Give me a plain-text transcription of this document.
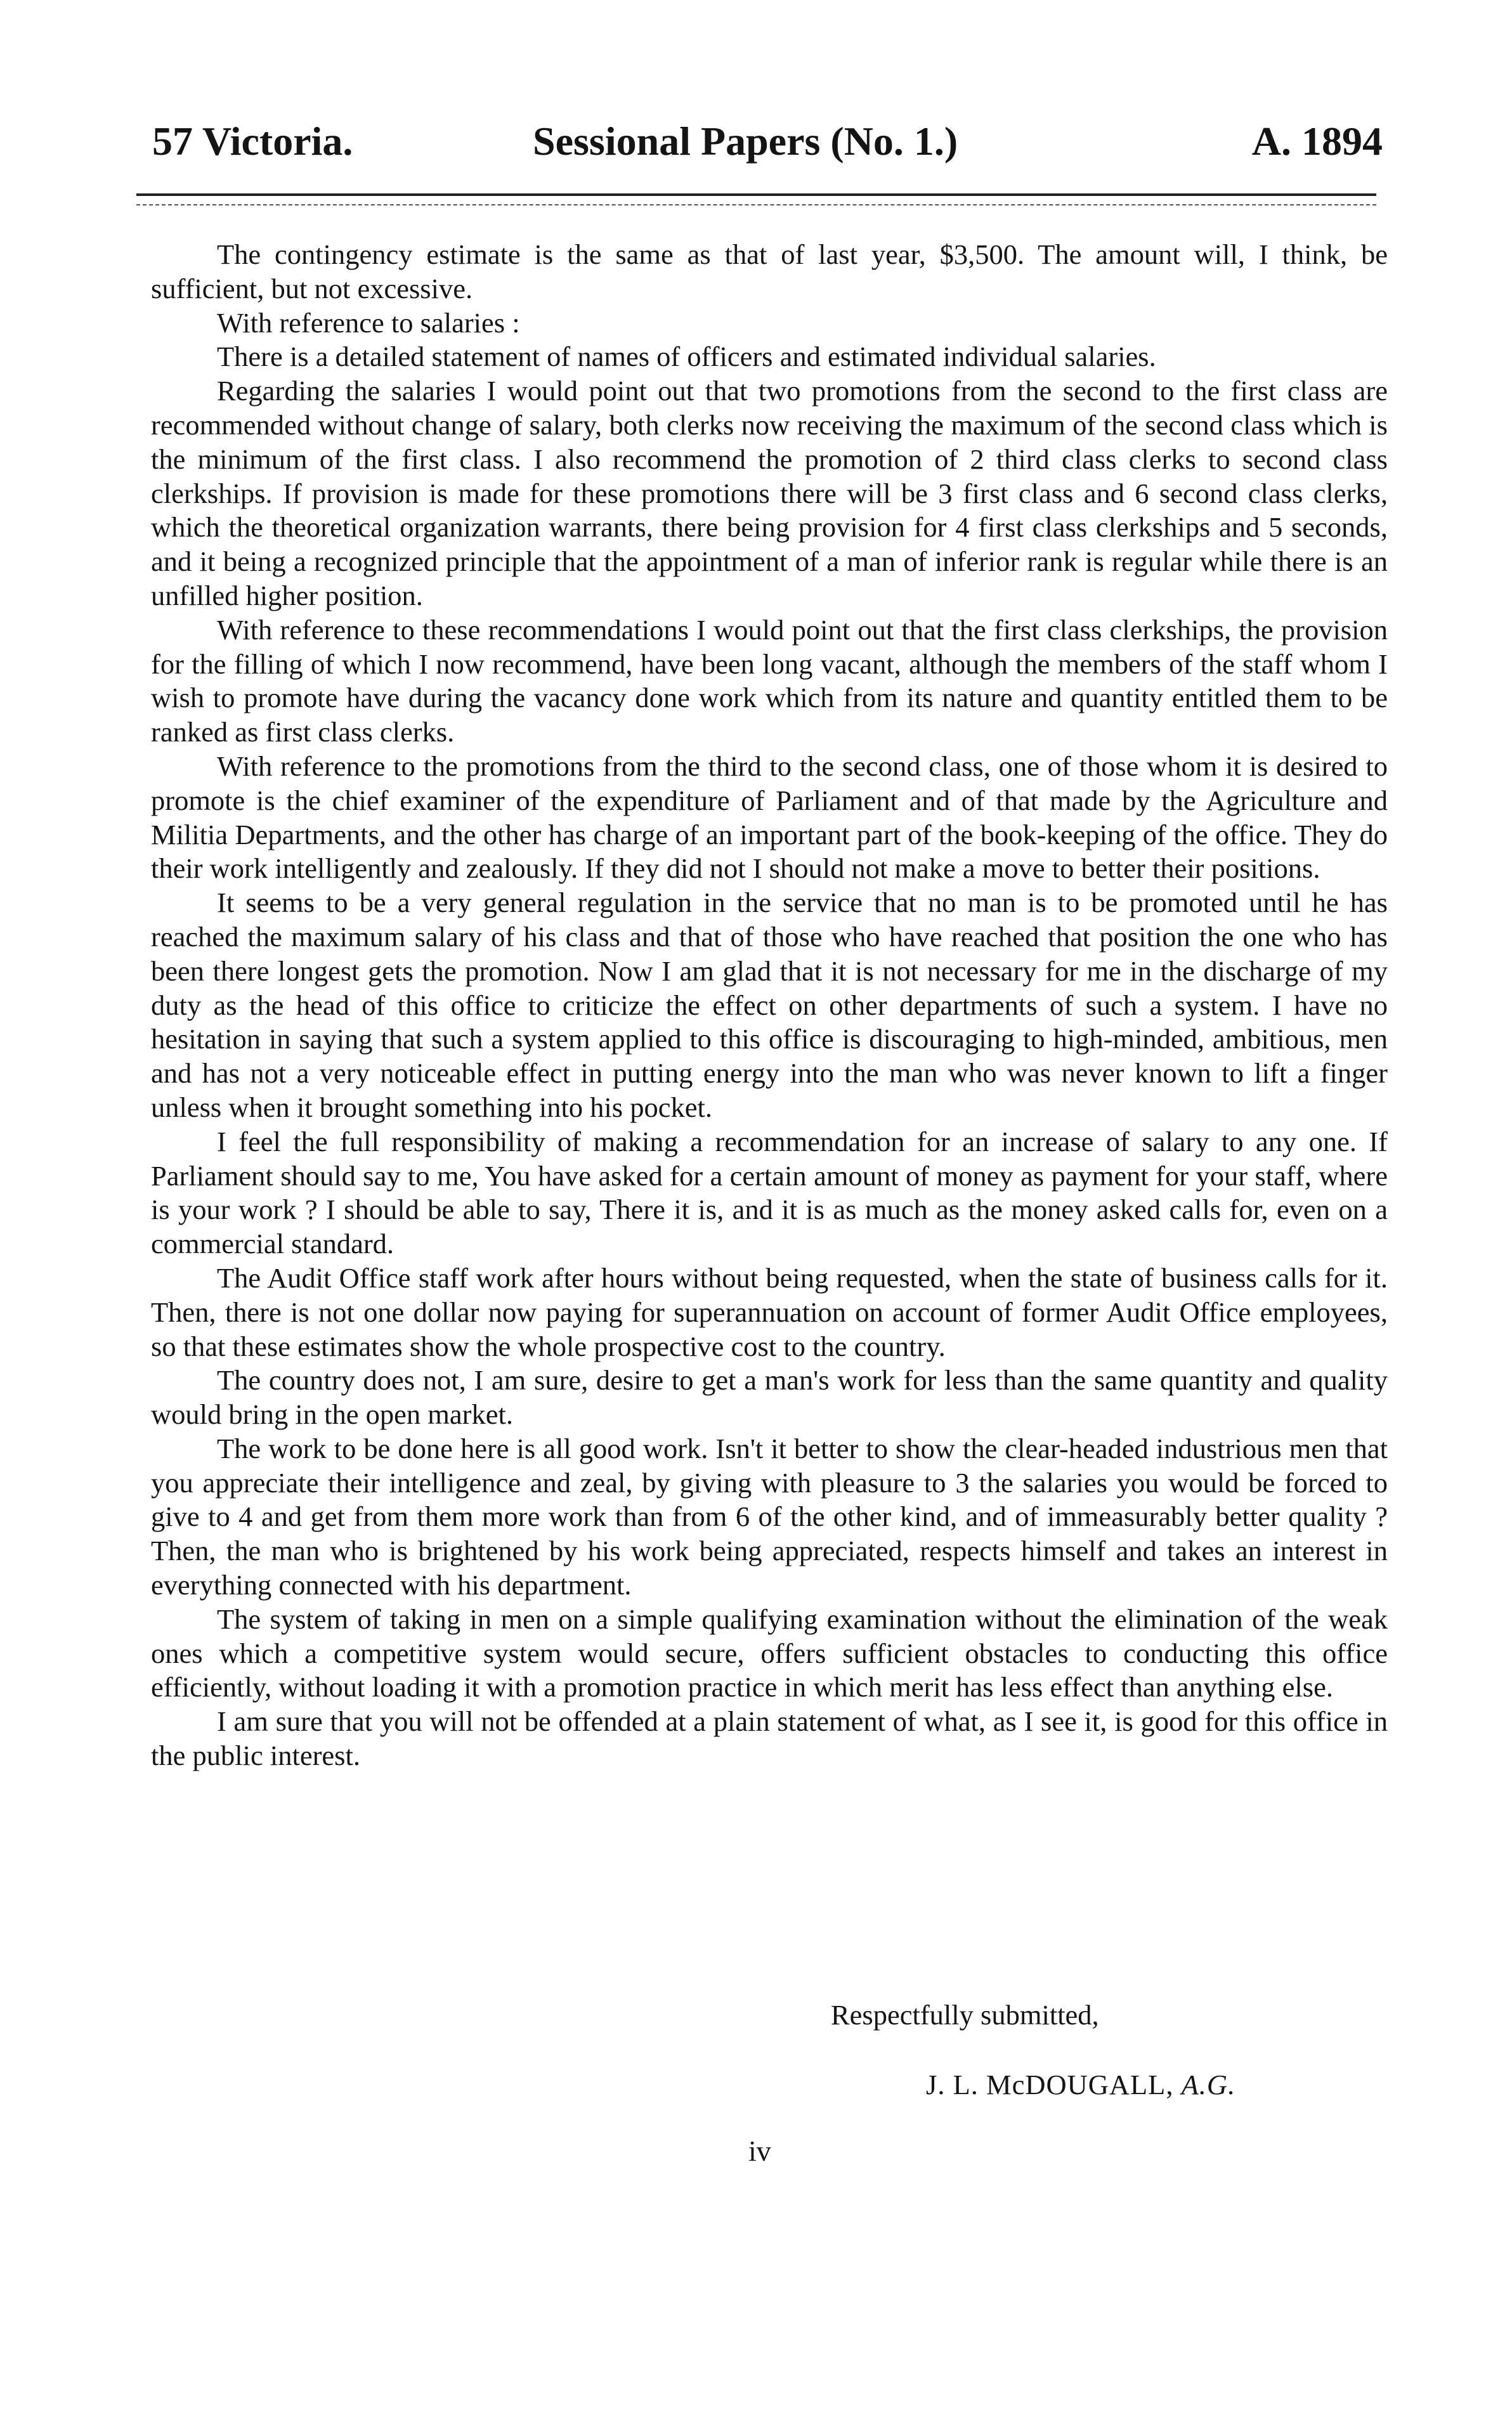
57 Victoria.	Sessional Papers (No. 1.)	A. 1894

The contingency estimate is the same as that of last year, $3,500. The amount will, I think, be sufficient, but not excessive.

With reference to salaries :

There is a detailed statement of names of officers and estimated individual salaries.

Regarding the salaries I would point out that two promotions from the second to the first class are recommended without change of salary, both clerks now receiving the maximum of the second class which is the minimum of the first class. I also recommend the promotion of 2 third class clerks to second class clerkships. If provision is made for these promotions there will be 3 first class and 6 second class clerks, which the theoretical organization warrants, there being provision for 4 first class clerkships and 5 seconds, and it being a recognized principle that the appointment of a man of inferior rank is regular while there is an unfilled higher position.

With reference to these recommendations I would point out that the first class clerkships, the provision for the filling of which I now recommend, have been long vacant, although the members of the staff whom I wish to promote have during the vacancy done work which from its nature and quantity entitled them to be ranked as first class clerks.

With reference to the promotions from the third to the second class, one of those whom it is desired to promote is the chief examiner of the expenditure of Parliament and of that made by the Agriculture and Militia Departments, and the other has charge of an important part of the book-keeping of the office. They do their work intelligently and zealously. If they did not I should not make a move to better their positions.

It seems to be a very general regulation in the service that no man is to be promoted until he has reached the maximum salary of his class and that of those who have reached that position the one who has been there longest gets the promotion. Now I am glad that it is not necessary for me in the discharge of my duty as the head of this office to criticize the effect on other departments of such a system. I have no hesitation in saying that such a system applied to this office is discouraging to high-minded, ambitious, men and has not a very noticeable effect in putting energy into the man who was never known to lift a finger unless when it brought something into his pocket.

I feel the full responsibility of making a recommendation for an increase of salary to any one. If Parliament should say to me, You have asked for a certain amount of money as payment for your staff, where is your work ? I should be able to say, There it is, and it is as much as the money asked calls for, even on a commercial standard.

The Audit Office staff work after hours without being requested, when the state of business calls for it. Then, there is not one dollar now paying for superannuation on account of former Audit Office employees, so that these estimates show the whole prospective cost to the country.

The country does not, I am sure, desire to get a man's work for less than the same quantity and quality would bring in the open market.

The work to be done here is all good work. Isn't it better to show the clear-headed industrious men that you appreciate their intelligence and zeal, by giving with pleasure to 3 the salaries you would be forced to give to 4 and get from them more work than from 6 of the other kind, and of immeasurably better quality ? Then, the man who is brightened by his work being appreciated, respects himself and takes an interest in everything connected with his department.

The system of taking in men on a simple qualifying examination without the elimination of the weak ones which a competitive system would secure, offers sufficient obstacles to conducting this office efficiently, without loading it with a promotion practice in which merit has less effect than anything else.

I am sure that you will not be offended at a plain statement of what, as I see it, is good for this office in the public interest.

Respectfully submitted,
J. L. McDOUGALL, A.G.
iv
